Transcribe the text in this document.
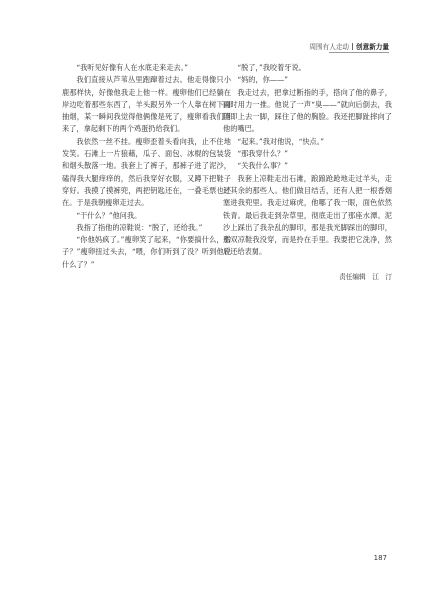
周围有人走动 创意新力量

“我听见好像有人在水底走来走去。”

我们直接从芦苇丛里跑蹿着过去。他走得像只小鹿那样快，好像他我走上他一样。瘦卵他们已经躺在岸边吃着那些东西了，羊头跟另外一个人靠在树下面抽烟，某一瞬间我觉得他俩像是死了，瘦卵看我们回来了，拿起剩下的两个鸡蛋扔给我们。

我依然一丝不挂。瘦卵歪着头看向我，止不住地发笑。石滩上一片狼藉，瓜子、面包、冰棍的包装袋和烟头散落一地。我套上了裤子，那裤子进了泥沙，磕得我大腿痒痒的，然后我穿好衣服，又蹲下把鞋子穿好。我摸了摸裤兜，两把钥匙还在，一叠毛票也还在。于是我朝瘦卵走过去。

“干什么？”他问我。

我指了指他的凉鞋说：“脱了，还给我。”

“你他妈疯了。”瘦卵笑了起来，“你要搞什么，豹子？”瘦卵扭过头去，“喂，你们听到了没？听到他说什么了？”

“脱了，”我咬着牙说。

“妈的，你——”

我走过去，把拿过断指的手，搭向了他的鼻子，同时用力一推。他说了一声“臭——”就向后倒去，我随即上去一脚，踩住了他的胸脸。我还把脚趾摔向了他的嘴巴。

“起来。”我对他说，“快点。”

“那我穿什么？”

“关我什么事？”

我套上凉鞋走出石滩，踉踉跄跄地走过羊头，走过其余的那些人。他们做目结舌，还有人把一根香烟塞进我兜里。我走过麻虎，他哪了我一眼，面色依然铁青。最后我走到杂草里，彻底走出了那座水潭。泥沙上踩出了我杂乱的脚印，那是我光脚踩出的脚印，那双凉鞋我没穿，而是拎在手里。我要把它洗净，然后还给表舅。

责任编辑　江　汀

187
